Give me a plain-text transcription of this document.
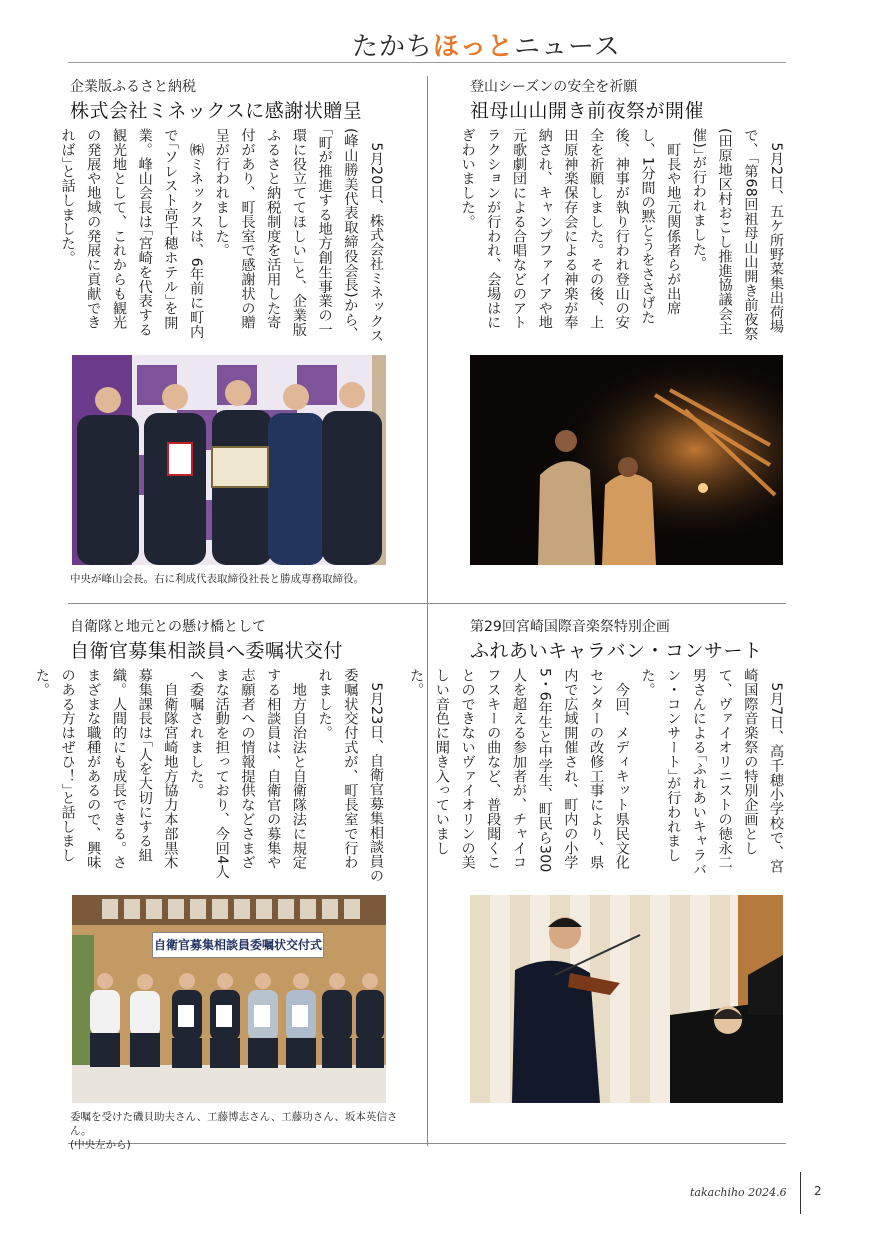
たかちほっとニュース
企業版ふるさと納税
株式会社ミネックスに感謝状贈呈
　5月20日、株式会社ミネックス(峰山勝美代表取締役会長)から、｢町が推進する地方創生事業の一環に役立ててほしい｣と、企業版ふるさと納税制度を活用した寄付があり、町長室で感謝状の贈呈が行われました。
　㈱ミネックスは、6年前に町内で｢ソレスト高千穂ホテル｣を開業。峰山会長は｢宮崎を代表する観光地として、これからも観光の発展や地域の発展に貢献できれば｣と話しました。
中央が峰山会長。右に利成代表取締役社長と勝成専務取締役。
登山シーズンの安全を祈願
祖母山山開き前夜祭が開催
　5月2日、五ケ所野菜集出荷場で、｢第68回祖母山山開き前夜祭(田原地区村おこし推進協議会主催)｣が行われました。
　町長や地元関係者らが出席し、1分間の黙とうをささげた後、神事が執り行われ登山の安全を祈願しました。その後、上田原神楽保存会による神楽が奉納され、キャンプファイアや地元歌劇団による合唱などのアトラクションが行われ、会場はにぎわいました。
自衛隊と地元との懸け橋として
自衛官募集相談員へ委嘱状交付
　5月23日、自衛官募集相談員の委嘱状交付式が、町長室で行われました。
　地方自治法と自衛隊法に規定する相談員は、自衛官の募集や志願者への情報提供などさまざまな活動を担っており、今回4人へ委嘱されました。
　自衛隊宮崎地方協力本部黒木募集課長は｢人を大切にする組織。人間的にも成長できる。さまざまな職種があるので、興味のある方はぜひ！｣と話しました。
自衛官募集相談員委嘱状交付式
委嘱を受けた磯貝助夫さん、工藤博志さん、工藤功さん、坂本英信さん。
(中央左から)
第29回宮崎国際音楽祭特別企画
ふれあいキャラバン・コンサート
　5月7日、高千穂小学校で、宮崎国際音楽祭の特別企画として、ヴァイオリニストの徳永二男さんによる｢ふれあいキャラバン・コンサート｣が行われました。
　今回、メディキット県民文化センターの改修工事により、県内で広域開催され、町内の小学5・6年生と中学生、町民ら300人を超える参加者が、チャイコフスキーの曲など、普段聞くことのできないヴァイオリンの美しい音色に聞き入っていました。
takachiho 2024.6 2
